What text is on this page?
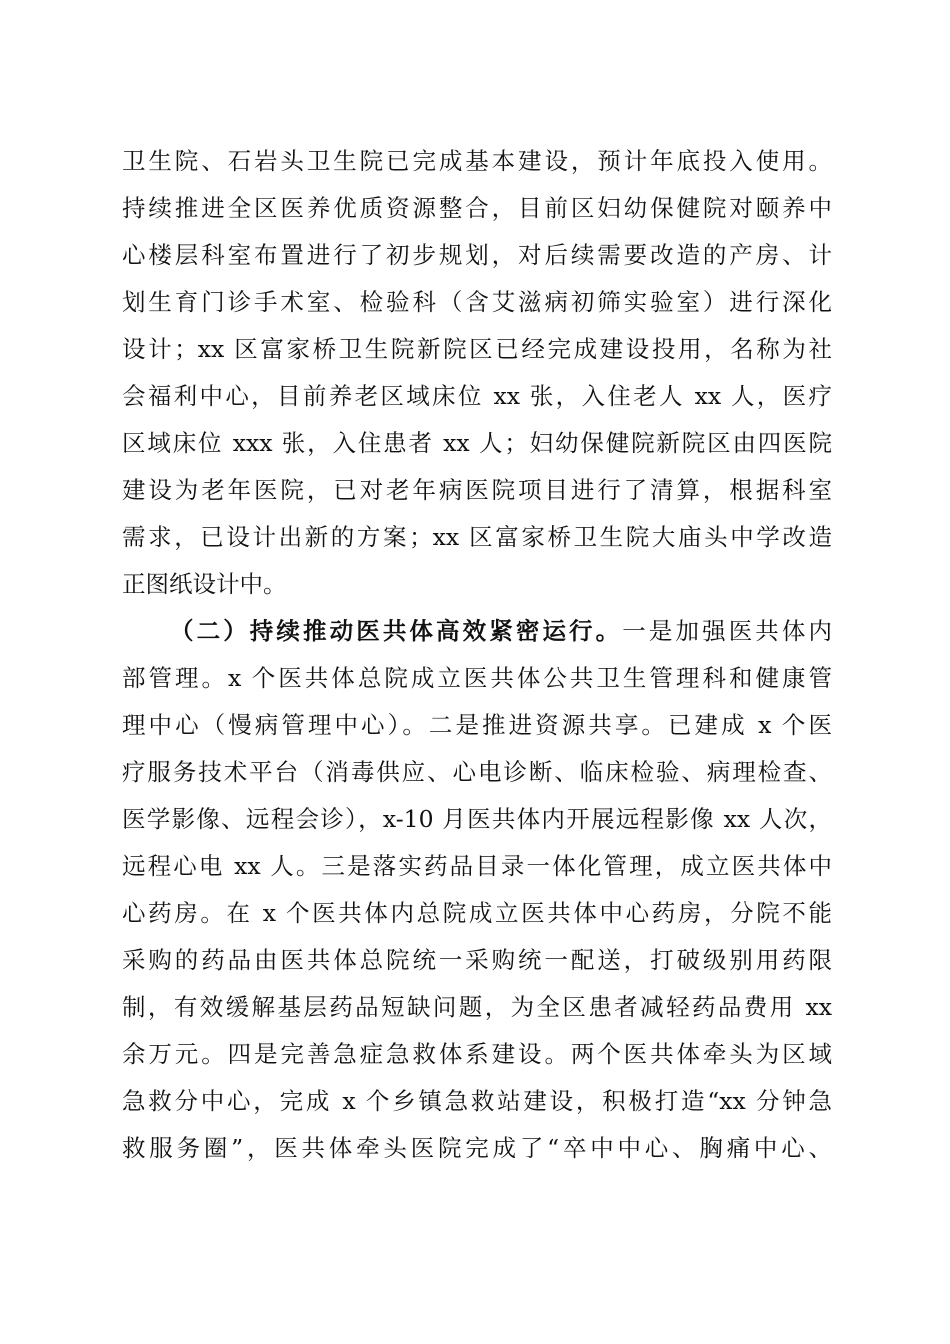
卫生院、石岩头卫生院已完成基本建设，预计年底投入使用。
持续推进全区医养优质资源整合，目前区妇幼保健院对颐养中
心楼层科室布置进行了初步规划，对后续需要改造的产房、计
划生育门诊手术室、检验科（含艾滋病初筛实验室）进行深化
设计；xx 区富家桥卫生院新院区已经完成建设投用，名称为社
会福利中心，目前养老区域床位 xx 张，入住老人 xx 人，医疗
区域床位 xxx 张，入住患者 xx 人；妇幼保健院新院区由四医院
建设为老年医院，已对老年病医院项目进行了清算，根据科室
需求，已设计出新的方案；xx 区富家桥卫生院大庙头中学改造
正图纸设计中。
（二）持续推动医共体高效紧密运行。一是加强医共体内
部管理。x 个医共体总院成立医共体公共卫生管理科和健康管
理中心（慢病管理中心）。二是推进资源共享。已建成 x 个医
疗服务技术平台（消毒供应、心电诊断、临床检验、病理检查、
医学影像、远程会诊），x-10 月医共体内开展远程影像 xx 人次，
远程心电 xx 人。三是落实药品目录一体化管理，成立医共体中
心药房。在 x 个医共体内总院成立医共体中心药房，分院不能
采购的药品由医共体总院统一采购统一配送，打破级别用药限
制，有效缓解基层药品短缺问题，为全区患者减轻药品费用 xx
余万元。四是完善急症急救体系建设。两个医共体牵头为区域
急救分中心，完成 x 个乡镇急救站建设，积极打造“xx 分钟急
救服务圈”，医共体牵头医院完成了“卒中中心、胸痛中心、
